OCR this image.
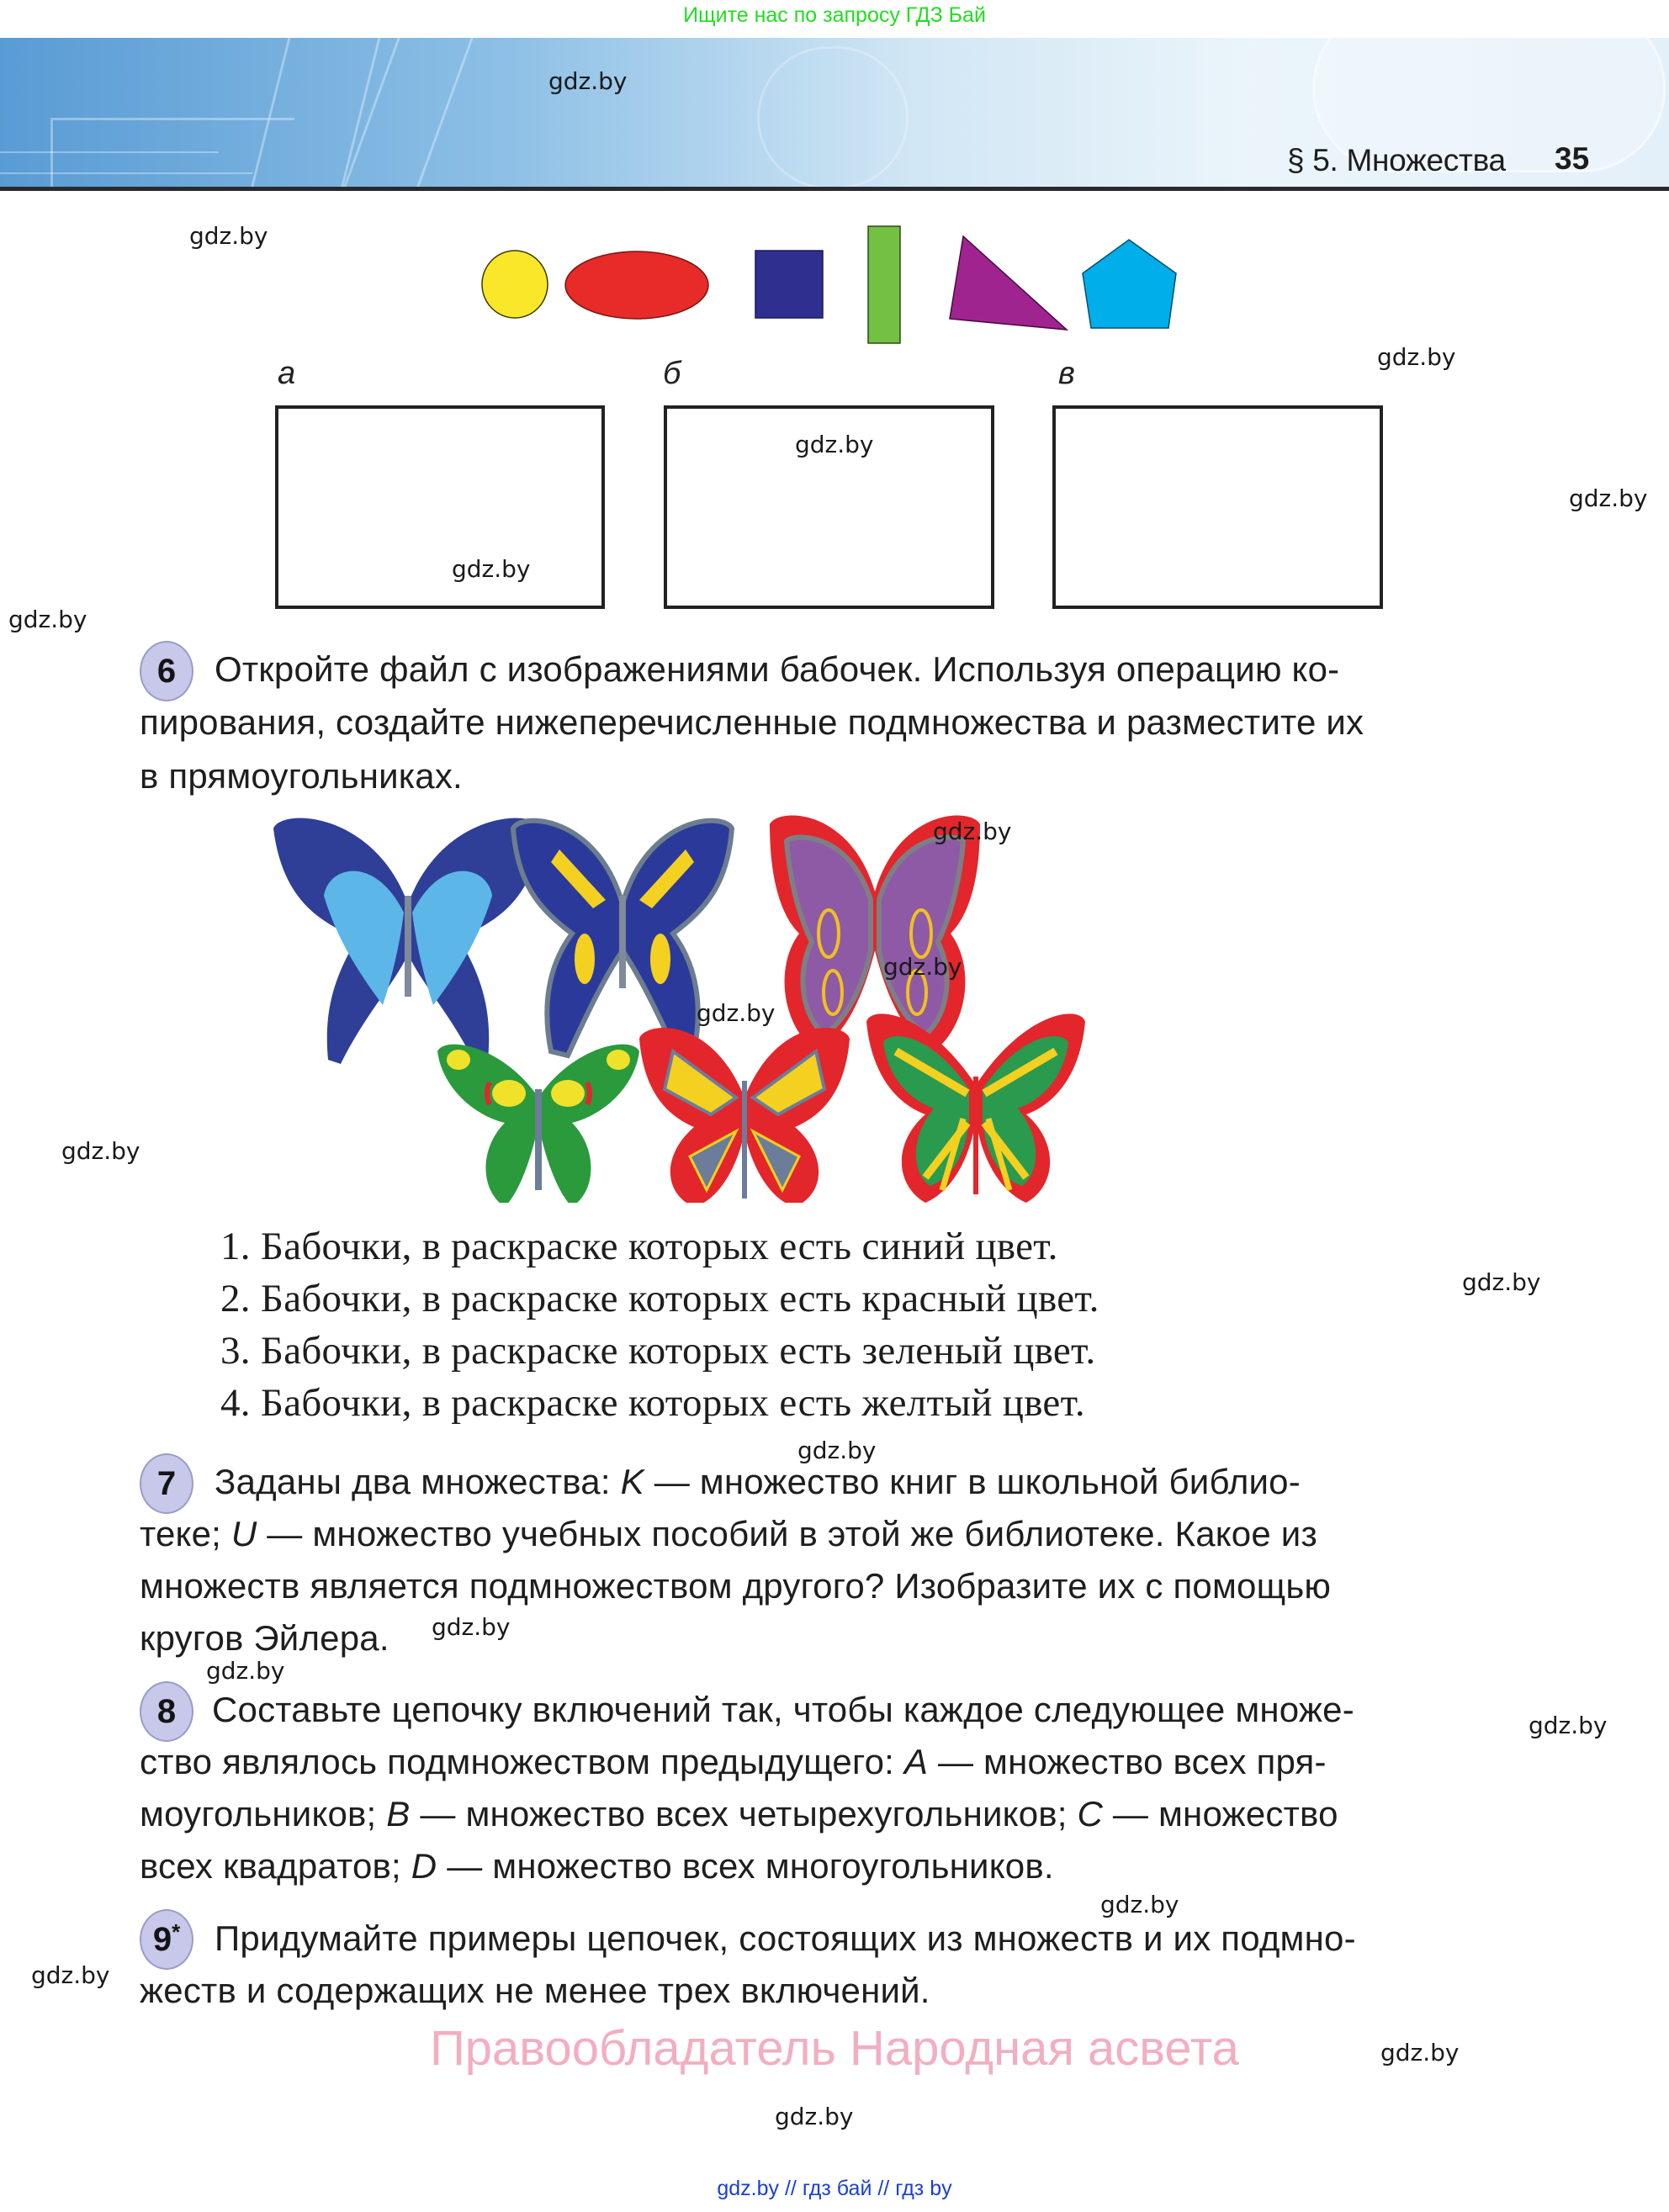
Ищите нас по запросу ГДЗ Бай
§ 5. Множества 35
а	б	в
6 Откройте файл с изображениями бабочек. Используя операцию ко-
пирования, создайте нижеперечисленные подмножества и разместите их
в прямоугольниках.
1. Бабочки, в раскраске которых есть синий цвет.
2. Бабочки, в раскраске которых есть красный цвет.
3. Бабочки, в раскраске которых есть зеленый цвет.
4. Бабочки, в раскраске которых есть желтый цвет.
7 Заданы два множества: K — множество книг в школьной библио-
теке; U — множество учебных пособий в этой же библиотеке. Какое из
множеств является подмножеством другого? Изобразите их с помощью
кругов Эйлера.
8 Составьте цепочку включений так, чтобы каждое следующее множе-
ство являлось подмножеством предыдущего: A — множество всех пря-
моугольников; B — множество всех четырехугольников; C — множество
всех квадратов; D — множество всех многоугольников.
9* Придумайте примеры цепочек, состоящих из множеств и их подмно-
жеств и содержащих не менее трех включений.
Правообладатель Народная асвета
gdz.by // гдз бай // гдз by
gdz.by
gdz.by
gdz.by
gdz.by
gdz.by
gdz.by
gdz.by
gdz.by
gdz.by
gdz.by
gdz.by
gdz.by
gdz.by
gdz.by
gdz.by
gdz.by
gdz.by
gdz.by
gdz.by
gdz.by
